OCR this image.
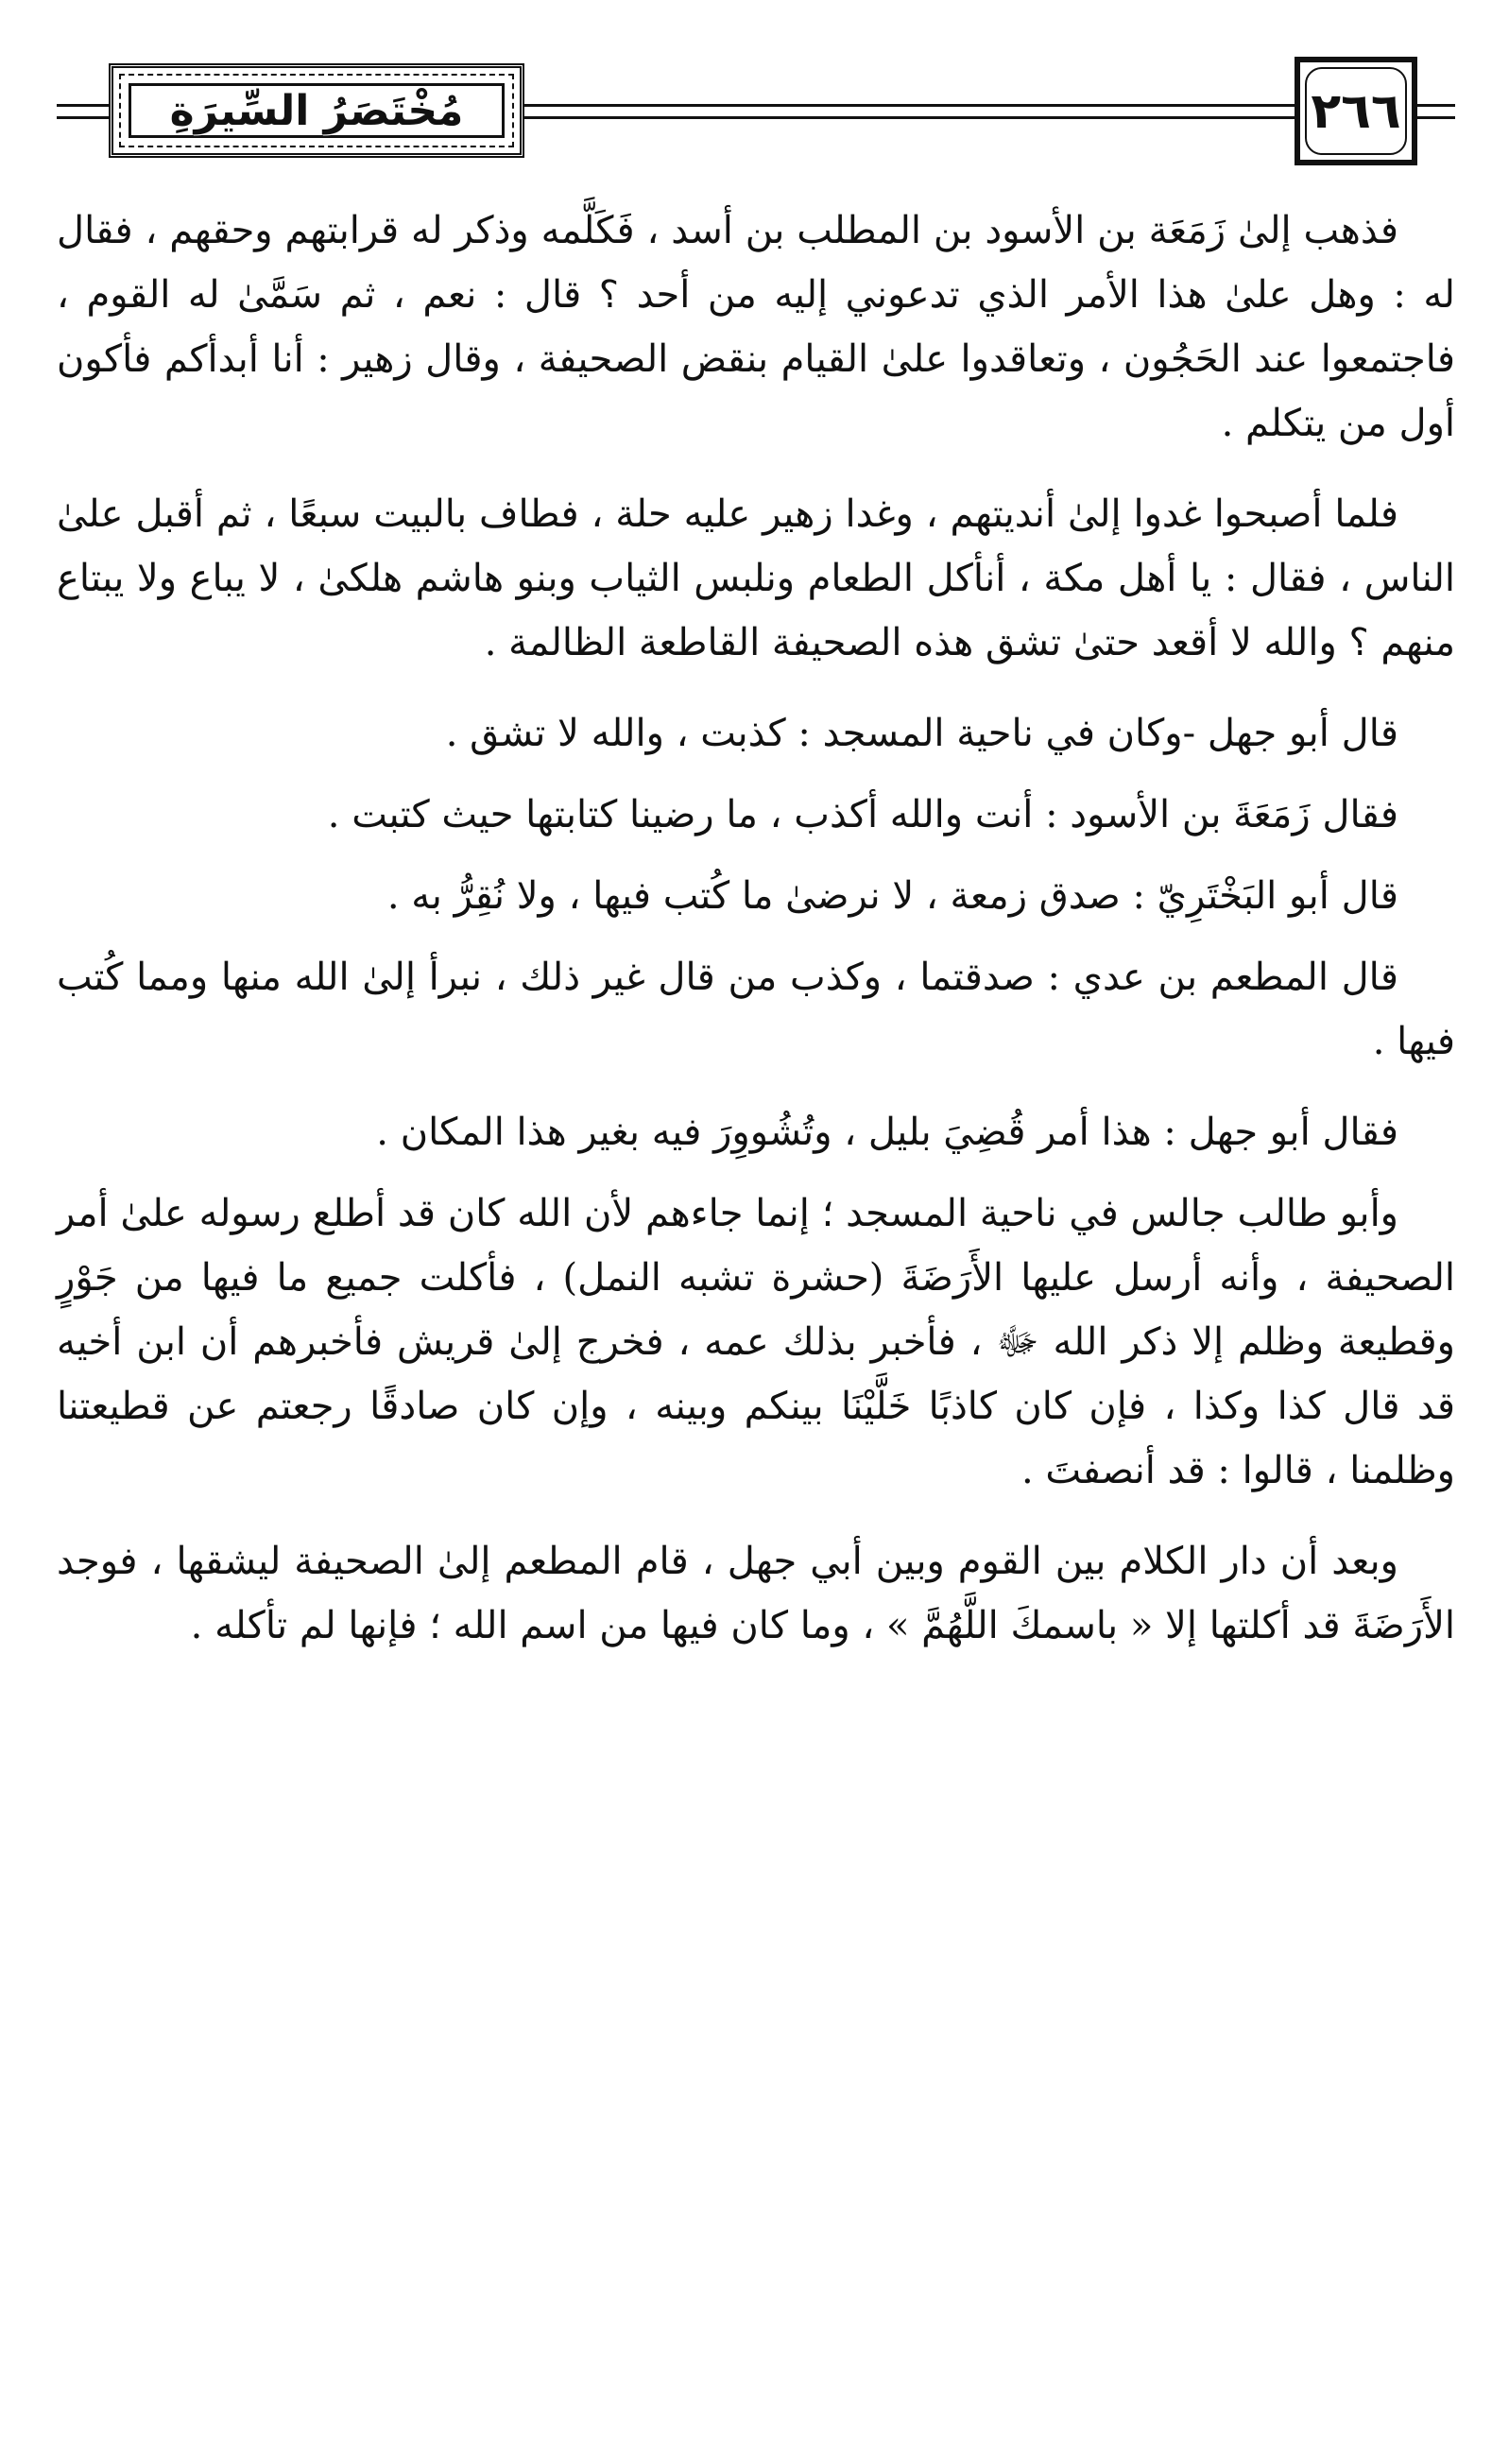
مُخْتَصَرُ السِّيرَةِ	٢٦٦

فذهب إلىٰ زَمَعَة بن الأسود بن المطلب بن أسد ، فَكَلَّمه وذكر له قرابتهم وحقهم ، فقال له : وهل علىٰ هذا الأمر الذي تدعوني إليه من أحد ؟ قال : نعم ، ثم سَمَّىٰ له القوم ، فاجتمعوا عند الحَجُون ، وتعاقدوا علىٰ القيام بنقض الصحيفة ، وقال زهير : أنا أبدأكم فأكون أول من يتكلم .

فلما أصبحوا غدوا إلىٰ أنديتهم ، وغدا زهير عليه حلة ، فطاف بالبيت سبعًا ، ثم أقبل علىٰ الناس ، فقال : يا أهل مكة ، أنأكل الطعام ونلبس الثياب وبنو هاشم هلكىٰ ، لا يباع ولا يبتاع منهم ؟ والله لا أقعد حتىٰ تشق هذه الصحيفة القاطعة الظالمة .

قال أبو جهل -وكان في ناحية المسجد : كذبت ، والله لا تشق .

فقال زَمَعَةَ بن الأسود : أنت والله أكذب ، ما رضينا كتابتها حيث كتبت .

قال أبو البَخْتَرِيّ : صدق زمعة ، لا نرضىٰ ما كُتب فيها ، ولا نُقِرُّ به .

قال المطعم بن عدي : صدقتما ، وكذب من قال غير ذلك ، نبرأ إلىٰ الله منها ومما كُتب فيها .

فقال أبو جهل : هذا أمر قُضِيَ بليل ، وتُشُووِرَ فيه بغير هذا المكان .

وأبو طالب جالس في ناحية المسجد ؛ إنما جاءهم لأن الله كان قد أطلع رسوله علىٰ أمر الصحيفة ، وأنه أرسل عليها الأَرَضَةَ (حشرة تشبه النمل) ، فأكلت جميع ما فيها من جَوْرٍ وقطيعة وظلم إلا ذكر الله ﷻ ، فأخبر بذلك عمه ، فخرج إلىٰ قريش فأخبرهم أن ابن أخيه قد قال كذا وكذا ، فإن كان كاذبًا خَلَّيْنَا بينكم وبينه ، وإن كان صادقًا رجعتم عن قطيعتنا وظلمنا ، قالوا : قد أنصفتَ .

وبعد أن دار الكلام بين القوم وبين أبي جهل ، قام المطعم إلىٰ الصحيفة ليشقها ، فوجد الأَرَضَةَ قد أكلتها إلا « باسمكَ اللَّهُمَّ » ، وما كان فيها من اسم الله ؛ فإنها لم تأكله .
